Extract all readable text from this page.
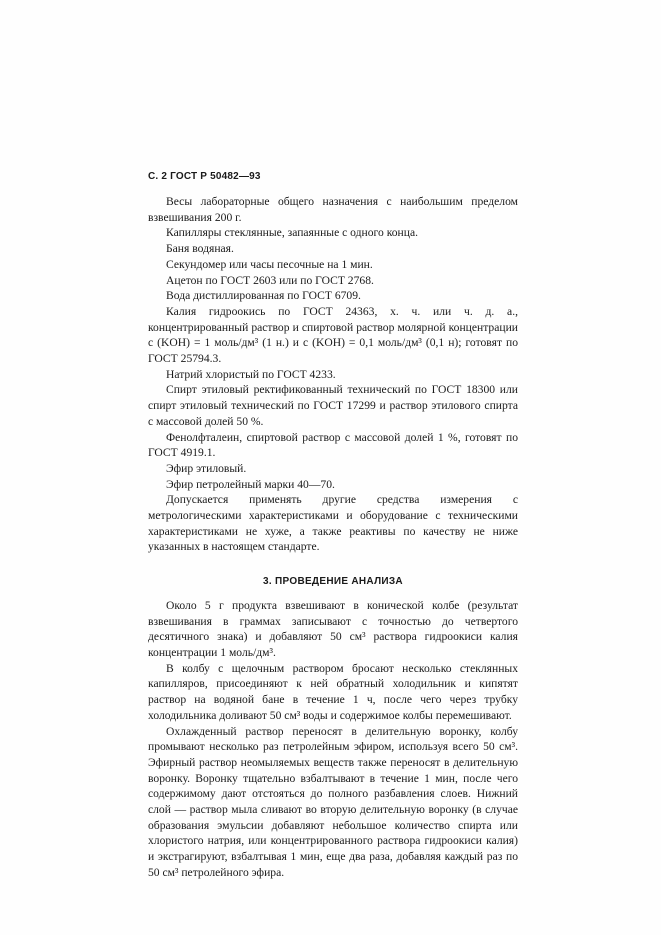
С. 2 ГОСТ Р 50482—93

Весы лабораторные общего назначения с наибольшим пределом взвешивания 200 г.

Капилляры стеклянные, запаянные с одного конца.

Баня водяная.

Секундомер или часы песочные на 1 мин.

Ацетон по ГОСТ 2603 или по ГОСТ 2768.

Вода дистиллированная по ГОСТ 6709.

Калия гидроокись по ГОСТ 24363, х. ч. или ч. д. а., концентрированный раствор и спиртовой раствор молярной концентрации c (KOH) = 1 моль/дм³ (1 н.) и c (KOH) = 0,1 моль/дм³ (0,1 н); готовят по ГОСТ 25794.3.

Натрий хлористый по ГОСТ 4233.

Спирт этиловый ректификованный технический по ГОСТ 18300 или спирт этиловый технический по ГОСТ 17299 и раствор этилового спирта с массовой долей 50 %.

Фенолфталеин, спиртовой раствор с массовой долей 1 %, готовят по ГОСТ 4919.1.

Эфир этиловый.

Эфир петролейный марки 40—70.

Допускается применять другие средства измерения с метрологическими характеристиками и оборудование с техническими характеристиками не хуже, а также реактивы по качеству не ниже указанных в настоящем стандарте.

3. ПРОВЕДЕНИЕ АНАЛИЗА

Около 5 г продукта взвешивают в конической колбе (результат взвешивания в граммах записывают с точностью до четвертого десятичного знака) и добавляют 50 см³ раствора гидроокиси калия концентрации 1 моль/дм³.

В колбу с щелочным раствором бросают несколько стеклянных капилляров, присоединяют к ней обратный холодильник и кипятят раствор на водяной бане в течение 1 ч, после чего через трубку холодильника доливают 50 см³ воды и содержимое колбы перемешивают.

Охлажденный раствор переносят в делительную воронку, колбу промывают несколько раз петролейным эфиром, используя всего 50 см³. Эфирный раствор неомыляемых веществ также переносят в делительную воронку. Воронку тщательно взбалтывают в течение 1 мин, после чего содержимому дают отстояться до полного разбавления слоев. Нижний слой — раствор мыла сливают во вторую делительную воронку (в случае образования эмульсии добавляют небольшое количество спирта или хлористого натрия, или концентрированного раствора гидроокиси калия) и экстрагируют, взбалтывая 1 мин, еще два раза, добавляя каждый раз по 50 см³ петролейного эфира.
